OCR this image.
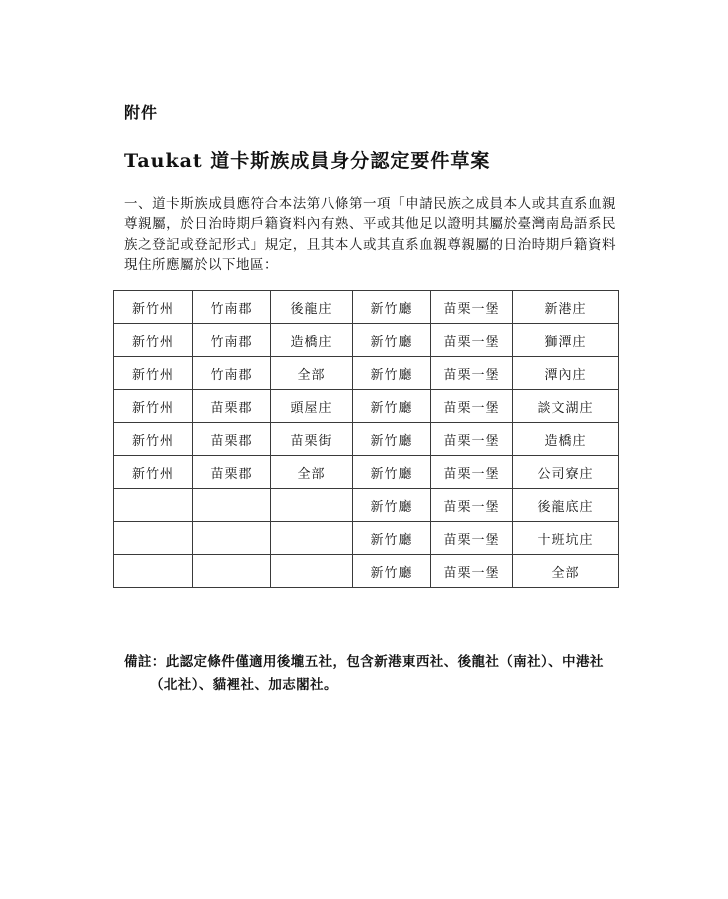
附件
Taukat 道卡斯族成員身分認定要件草案

一、道卡斯族成員應符合本法第八條第一項「申請民族之成員本人或其直系血親尊親屬，於日治時期戶籍資料內有熟、平或其他足以證明其屬於臺灣南島語系民族之登記或登記形式」規定，且其本人或其直系血親尊親屬的日治時期戶籍資料現住所應屬於以下地區：

新竹州	竹南郡	後龍庄	新竹廳	苗栗一堡	新港庄
新竹州	竹南郡	造橋庄	新竹廳	苗栗一堡	獅潭庄
新竹州	竹南郡	全部	新竹廳	苗栗一堡	潭內庄
新竹州	苗栗郡	頭屋庄	新竹廳	苗栗一堡	談文湖庄
新竹州	苗栗郡	苗栗街	新竹廳	苗栗一堡	造橋庄
新竹州	苗栗郡	全部	新竹廳	苗栗一堡	公司寮庄
			新竹廳	苗栗一堡	後龍底庄
			新竹廳	苗栗一堡	十班坑庄
			新竹廳	苗栗一堡	全部
備註：此認定條件僅適用後壠五社，包含新港東西社、後龍社（南社）、中港社
（北社）、貓裡社、加志閣社。
